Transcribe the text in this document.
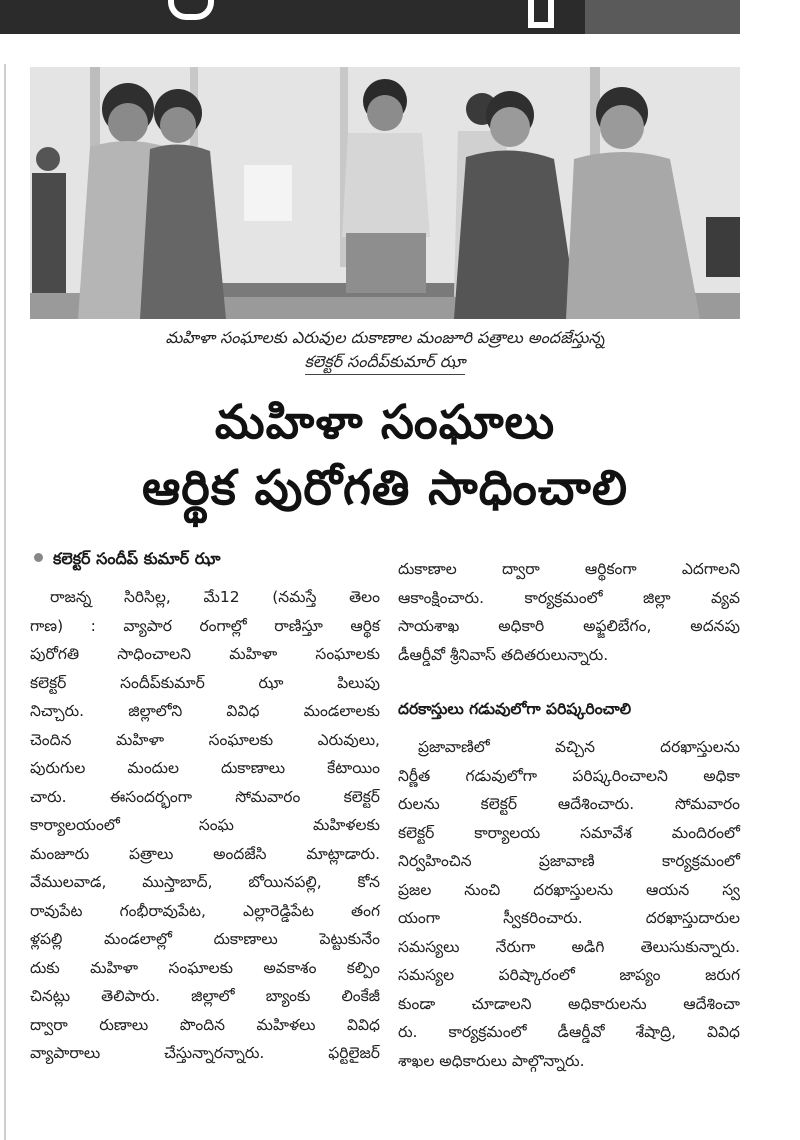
మహిళా సంఘాలకు ఎరువుల దుకాణాల మంజూరి పత్రాలు అందజేస్తున్న
కలెక్టర్ సందీప్‌కుమార్ ఝా
మహిళా సంఘాలు
ఆర్థిక పురోగతి సాధించాలి
కలెక్టర్ సందీప్ కుమార్ ఝా
రాజన్న సిరిసిల్ల, మే12 (నమస్తే తెలం
గాణ) : వ్యాపార రంగాల్లో రాణిస్తూ ఆర్థిక
పురోగతి సాధించాలని మహిళా సంఘాలకు
కలెక్టర్ సందీప్‌కుమార్ ఝా పిలుపు
నిచ్చారు. జిల్లాలోని వివిధ మండలాలకు
చెందిన మహిళా సంఘాలకు ఎరువులు,
పురుగుల మందుల దుకాణాలు కేటాయిం
చారు. ఈసందర్భంగా సోమవారం కలెక్టర్
కార్యాలయంలో సంఘ మహిళలకు
మంజూరు పత్రాలు అందజేసి మాట్లాడారు.
వేములవాడ, ముస్తాబాద్, బోయినపల్లి, కోన
రావుపేట గంభీరావుపేట, ఎల్లారెడ్డిపేట తంగ
ళ్లపల్లి మండలాల్లో దుకాణాలు పెట్టుకునేం
దుకు మహిళా సంఘాలకు అవకాశం కల్పిం
చినట్లు తెలిపారు. జిల్లాలో బ్యాంకు లింకేజీ
ద్వారా రుణాలు పొందిన మహిళలు వివిధ
వ్యాపారాలు చేస్తున్నారన్నారు. ఫర్టిలైజర్
దుకాణాల ద్వారా ఆర్థికంగా ఎదగాలని
ఆకాంక్షించారు. కార్యక్రమంలో జిల్లా వ్యవ
సాయశాఖ అధికారి అఫ్జలిబేగం, అదనపు
డీఆర్డీవో శ్రీనివాస్ తదితరులున్నారు.
దరకాస్తులు గడువులోగా పరిష్కరించాలి
ప్రజావాణిలో వచ్చిన దరఖాస్తులను
నిర్ణీత గడువులోగా పరిష్కరించాలని అధికా
రులను కలెక్టర్ ఆదేశించారు. సోమవారం
కలెక్టర్ కార్యాలయ సమావేశ మందిరంలో
నిర్వహించిన ప్రజావాణి కార్యక్రమంలో
ప్రజల నుంచి దరఖాస్తులను ఆయన స్వ
యంగా స్వీకరించారు. దరఖాస్తుదారుల
సమస్యలు నేరుగా అడిగి తెలుసుకున్నారు.
సమస్యల పరిష్కారంలో జాప్యం జరుగ
కుండా చూడాలని అధికారులను ఆదేశించా
రు. కార్యక్రమంలో డీఆర్డీవో శేషాద్రి, వివిధ
శాఖల అధికారులు పాల్గొన్నారు.
